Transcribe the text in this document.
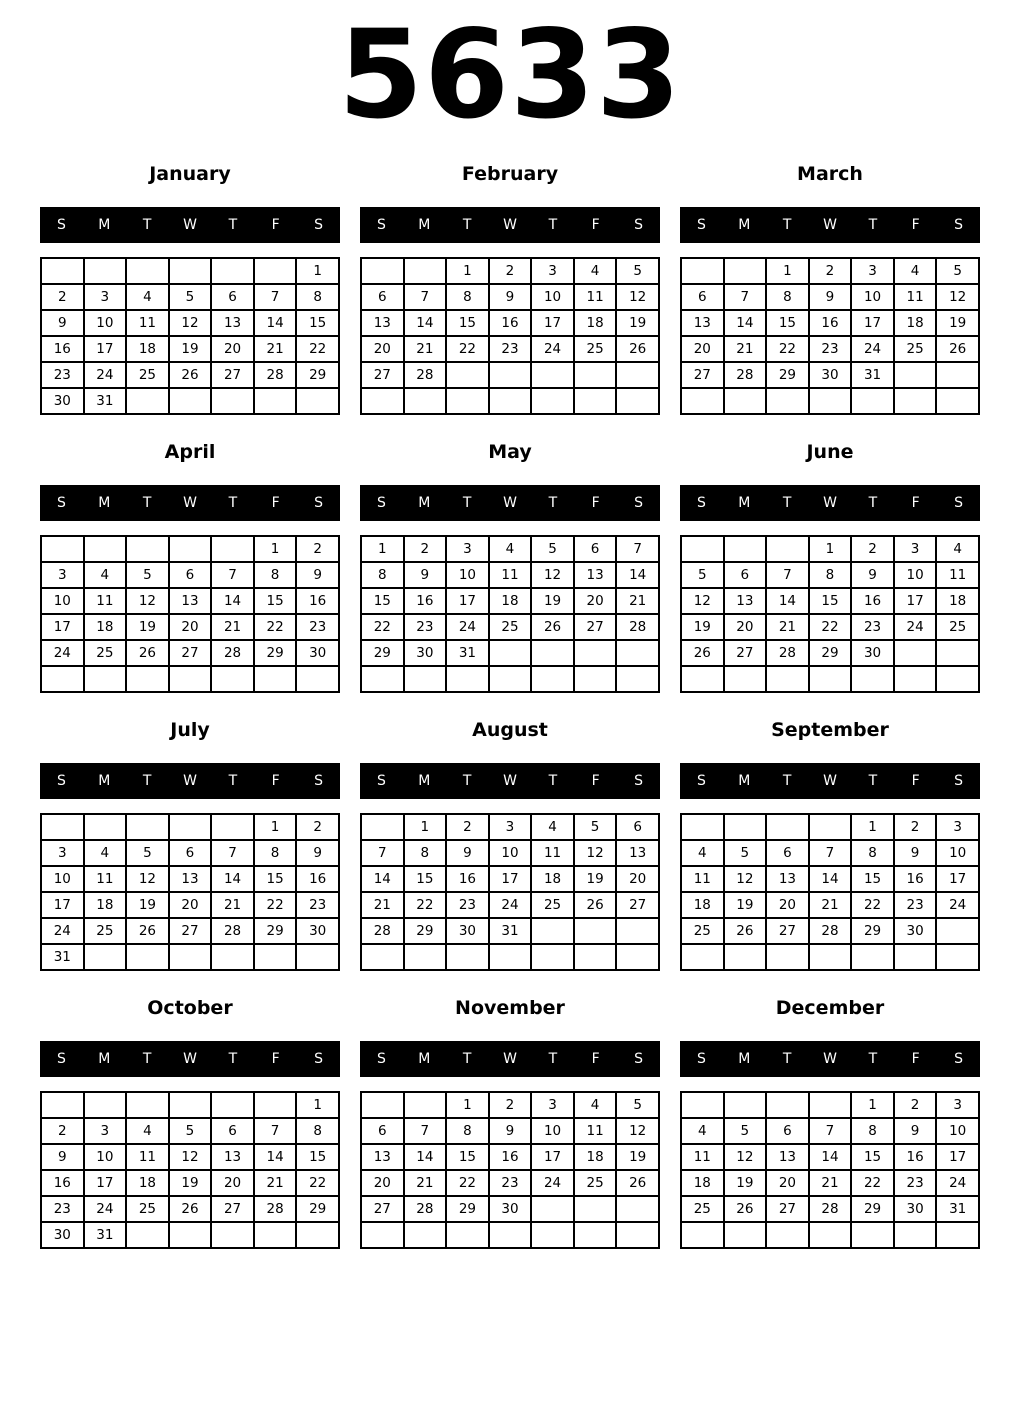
5633
January
S	M	T	W	T	F	S
						1
2	3	4	5	6	7	8
9	10	11	12	13	14	15
16	17	18	19	20	21	22
23	24	25	26	27	28	29
30	31					
February
S	M	T	W	T	F	S
		1	2	3	4	5
6	7	8	9	10	11	12
13	14	15	16	17	18	19
20	21	22	23	24	25	26
27	28					

March
S	M	T	W	T	F	S
		1	2	3	4	5
6	7	8	9	10	11	12
13	14	15	16	17	18	19
20	21	22	23	24	25	26
27	28	29	30	31		

April
S	M	T	W	T	F	S
					1	2
3	4	5	6	7	8	9
10	11	12	13	14	15	16
17	18	19	20	21	22	23
24	25	26	27	28	29	30

May
S	M	T	W	T	F	S
1	2	3	4	5	6	7
8	9	10	11	12	13	14
15	16	17	18	19	20	21
22	23	24	25	26	27	28
29	30	31				

June
S	M	T	W	T	F	S
			1	2	3	4
5	6	7	8	9	10	11
12	13	14	15	16	17	18
19	20	21	22	23	24	25
26	27	28	29	30		

July
S	M	T	W	T	F	S
					1	2
3	4	5	6	7	8	9
10	11	12	13	14	15	16
17	18	19	20	21	22	23
24	25	26	27	28	29	30
31						
August
S	M	T	W	T	F	S
	1	2	3	4	5	6
7	8	9	10	11	12	13
14	15	16	17	18	19	20
21	22	23	24	25	26	27
28	29	30	31			

September
S	M	T	W	T	F	S
				1	2	3
4	5	6	7	8	9	10
11	12	13	14	15	16	17
18	19	20	21	22	23	24
25	26	27	28	29	30	

October
S	M	T	W	T	F	S
						1
2	3	4	5	6	7	8
9	10	11	12	13	14	15
16	17	18	19	20	21	22
23	24	25	26	27	28	29
30	31					
November
S	M	T	W	T	F	S
		1	2	3	4	5
6	7	8	9	10	11	12
13	14	15	16	17	18	19
20	21	22	23	24	25	26
27	28	29	30			

December
S	M	T	W	T	F	S
				1	2	3
4	5	6	7	8	9	10
11	12	13	14	15	16	17
18	19	20	21	22	23	24
25	26	27	28	29	30	31
